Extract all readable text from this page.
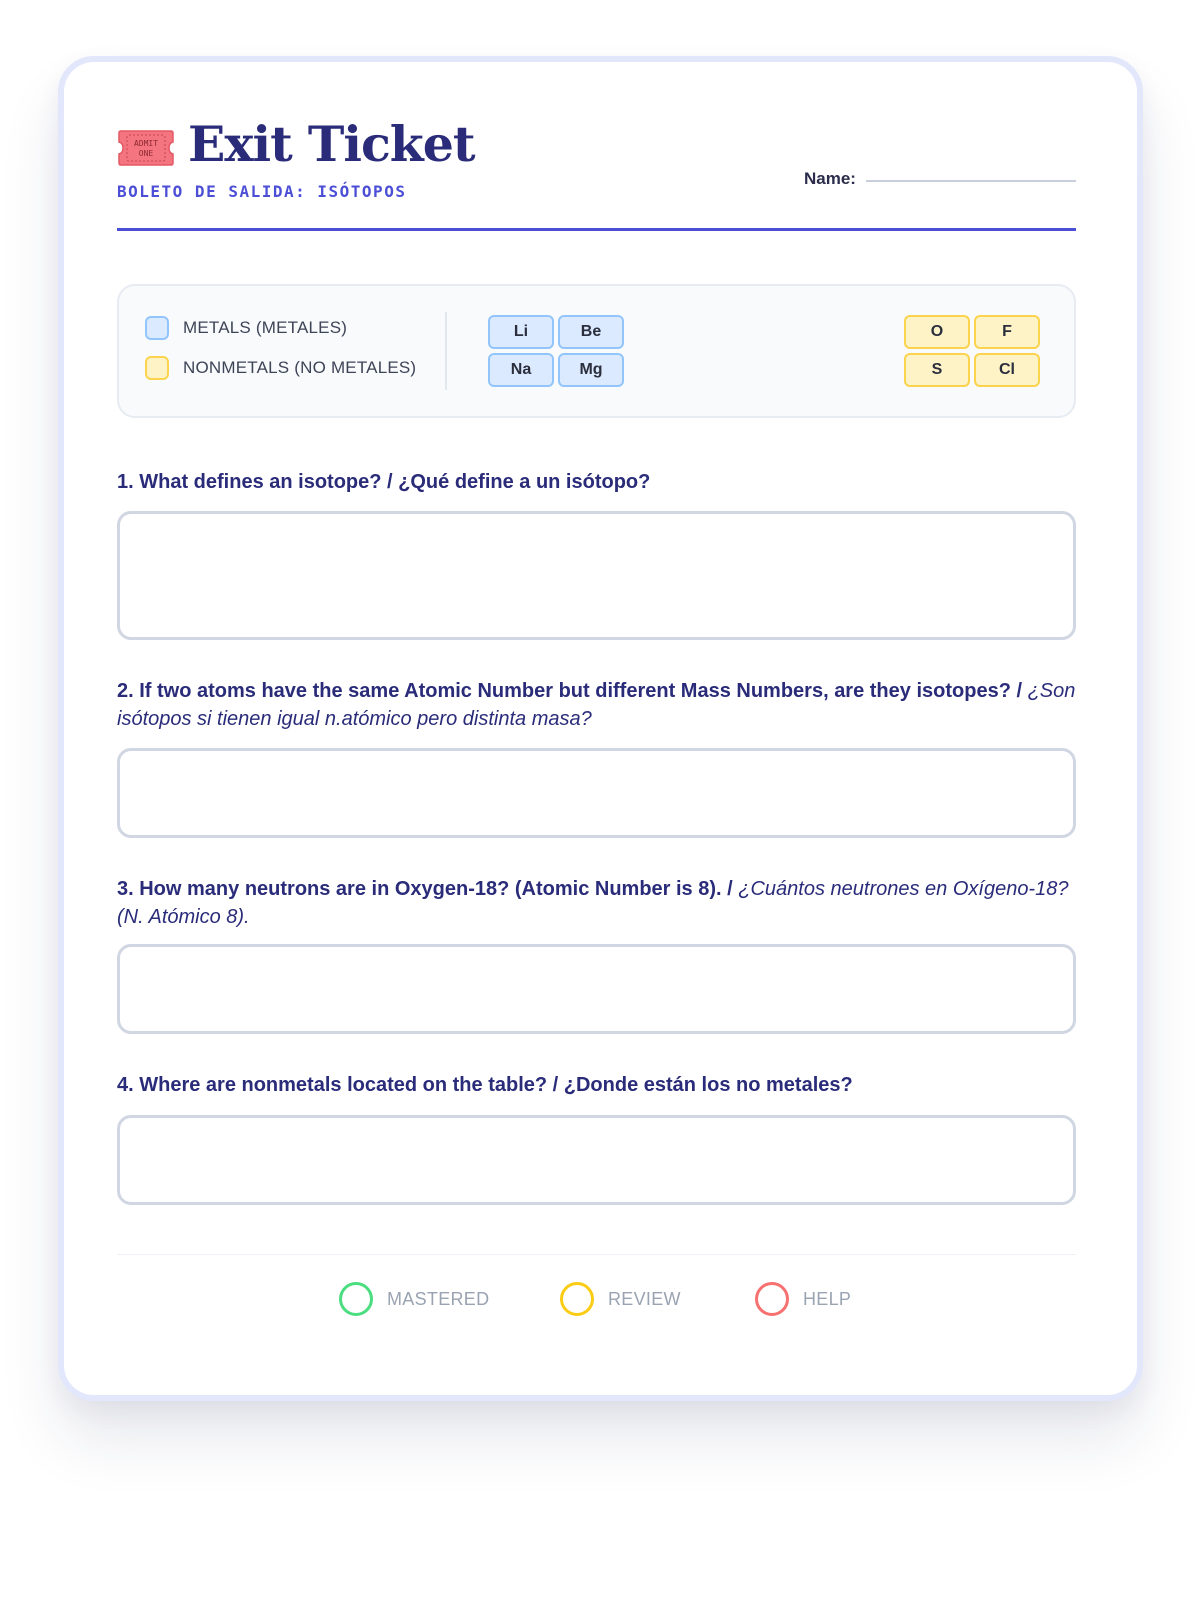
ADMIT
ONE Exit Ticket
BOLETO DE SALIDA: ISÓTOPOS
Name:
METALS (METALES)
NONMETALS (NO METALES)
Li	Be
Na	Mg
O	F
S	Cl
1. What defines an isotope? / ¿Qué define a un isótopo?
2. If two atoms have the same Atomic Number but different Mass Numbers, are they isotopes? / ¿Son isótopos si tienen igual n.atómico pero distinta masa?
3. How many neutrons are in Oxygen-18? (Atomic Number is 8). / ¿Cuántos neutrones en Oxígeno-18? (N. Atómico 8).
4. Where are nonmetals located on the table? / ¿Donde están los no metales?
MASTERED	REVIEW	HELP
